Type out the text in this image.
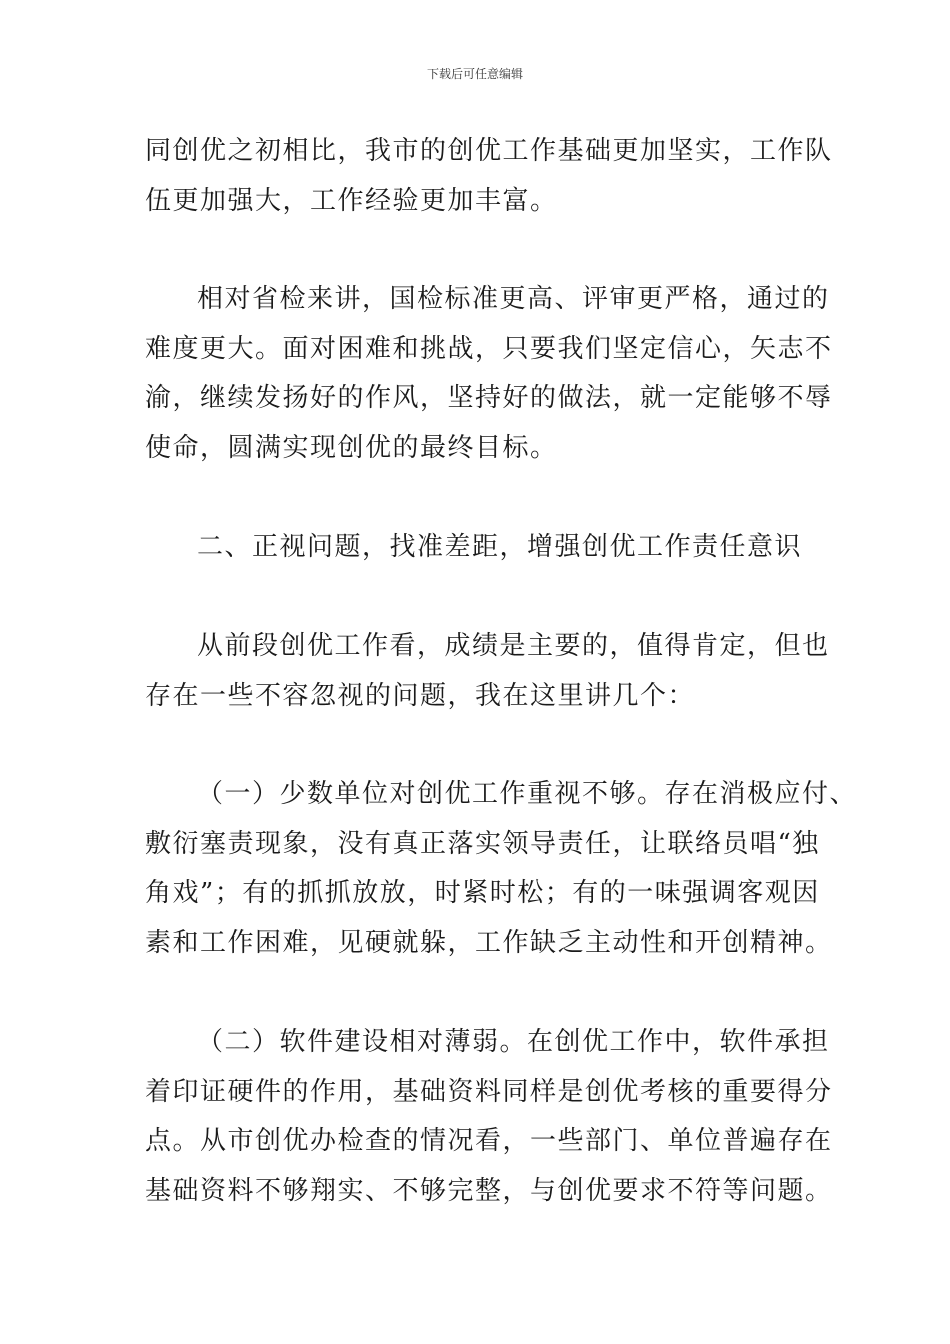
下载后可任意编辑

同创优之初相比，我市的创优工作基础更加坚实，工作队
伍更加强大，工作经验更加丰富。

相对省检来讲，国检标准更高、评审更严格，通过的
难度更大。面对困难和挑战，只要我们坚定信心，矢志不
渝，继续发扬好的作风，坚持好的做法，就一定能够不辱
使命，圆满实现创优的最终目标。

二、正视问题，找准差距，增强创优工作责任意识

从前段创优工作看，成绩是主要的，值得肯定，但也
存在一些不容忽视的问题，我在这里讲几个：

（一）少数单位对创优工作重视不够。存在消极应付、
敷衍塞责现象，没有真正落实领导责任，让联络员唱“独
角戏”；有的抓抓放放，时紧时松；有的一味强调客观因
素和工作困难，见硬就躲，工作缺乏主动性和开创精神。

（二）软件建设相对薄弱。在创优工作中，软件承担
着印证硬件的作用，基础资料同样是创优考核的重要得分
点。从市创优办检查的情况看，一些部门、单位普遍存在
基础资料不够翔实、不够完整，与创优要求不符等问题。
